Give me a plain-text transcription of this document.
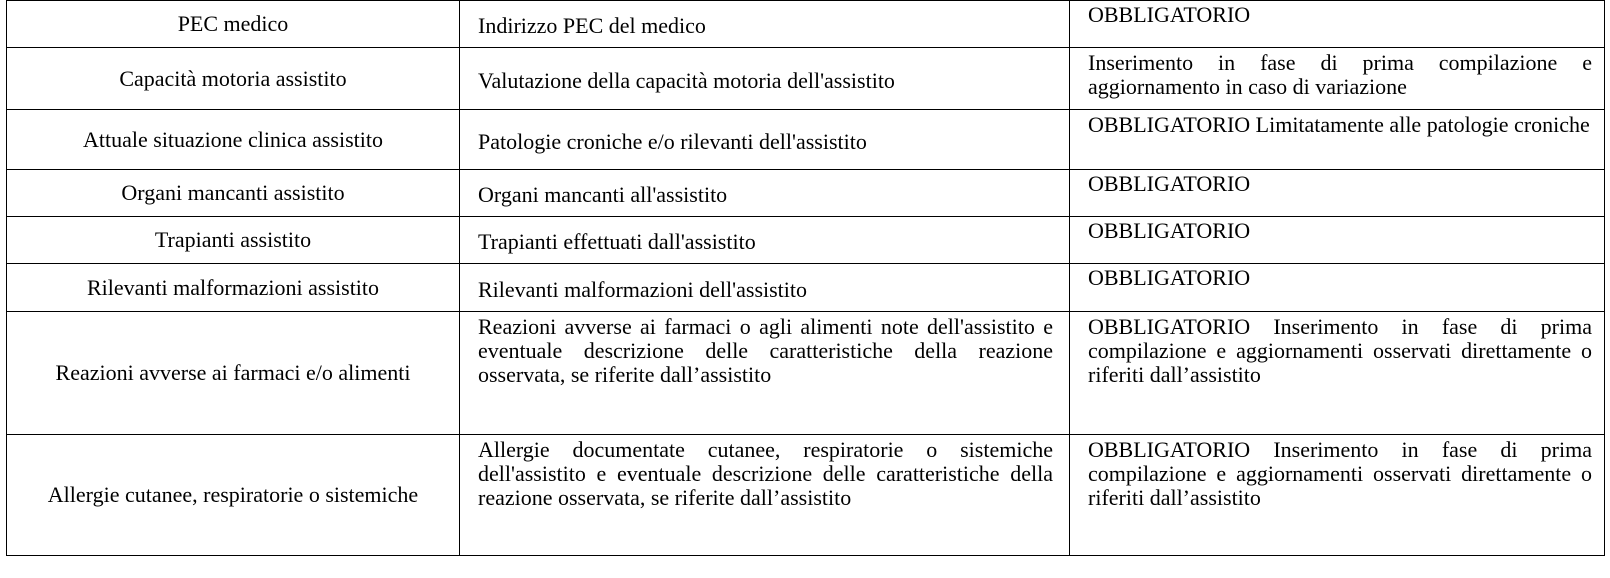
PEC medico	Indirizzo PEC del medico	OBBLIGATORIO
Capacità motoria assistito	Valutazione della capacità motoria dell'assistito	Inserimento in fase di prima compilazione e aggiornamento in caso di variazione
Attuale situazione clinica assistito	Patologie croniche e/o rilevanti dell'assistito	OBBLIGATORIO Limitatamente alle patologie croniche
Organi mancanti assistito	Organi mancanti all'assistito	OBBLIGATORIO
Trapianti assistito	Trapianti effettuati dall'assistito	OBBLIGATORIO
Rilevanti malformazioni assistito	Rilevanti malformazioni dell'assistito	OBBLIGATORIO
Reazioni avverse ai farmaci e/o alimenti	Reazioni avverse ai farmaci o agli alimenti note dell'assistito e eventuale descrizione delle caratteristiche della reazione osservata, se riferite dall’assistito	OBBLIGATORIO Inserimento in fase di prima compilazione e aggiornamenti osservati direttamente o riferiti dall’assistito
Allergie cutanee, respiratorie o sistemiche	Allergie documentate cutanee, respiratorie o sistemiche dell'assistito e eventuale descrizione delle caratteristiche della reazione osservata, se riferite dall’assistito	OBBLIGATORIO Inserimento in fase di prima compilazione e aggiornamenti osservati direttamente o riferiti dall’assistito
